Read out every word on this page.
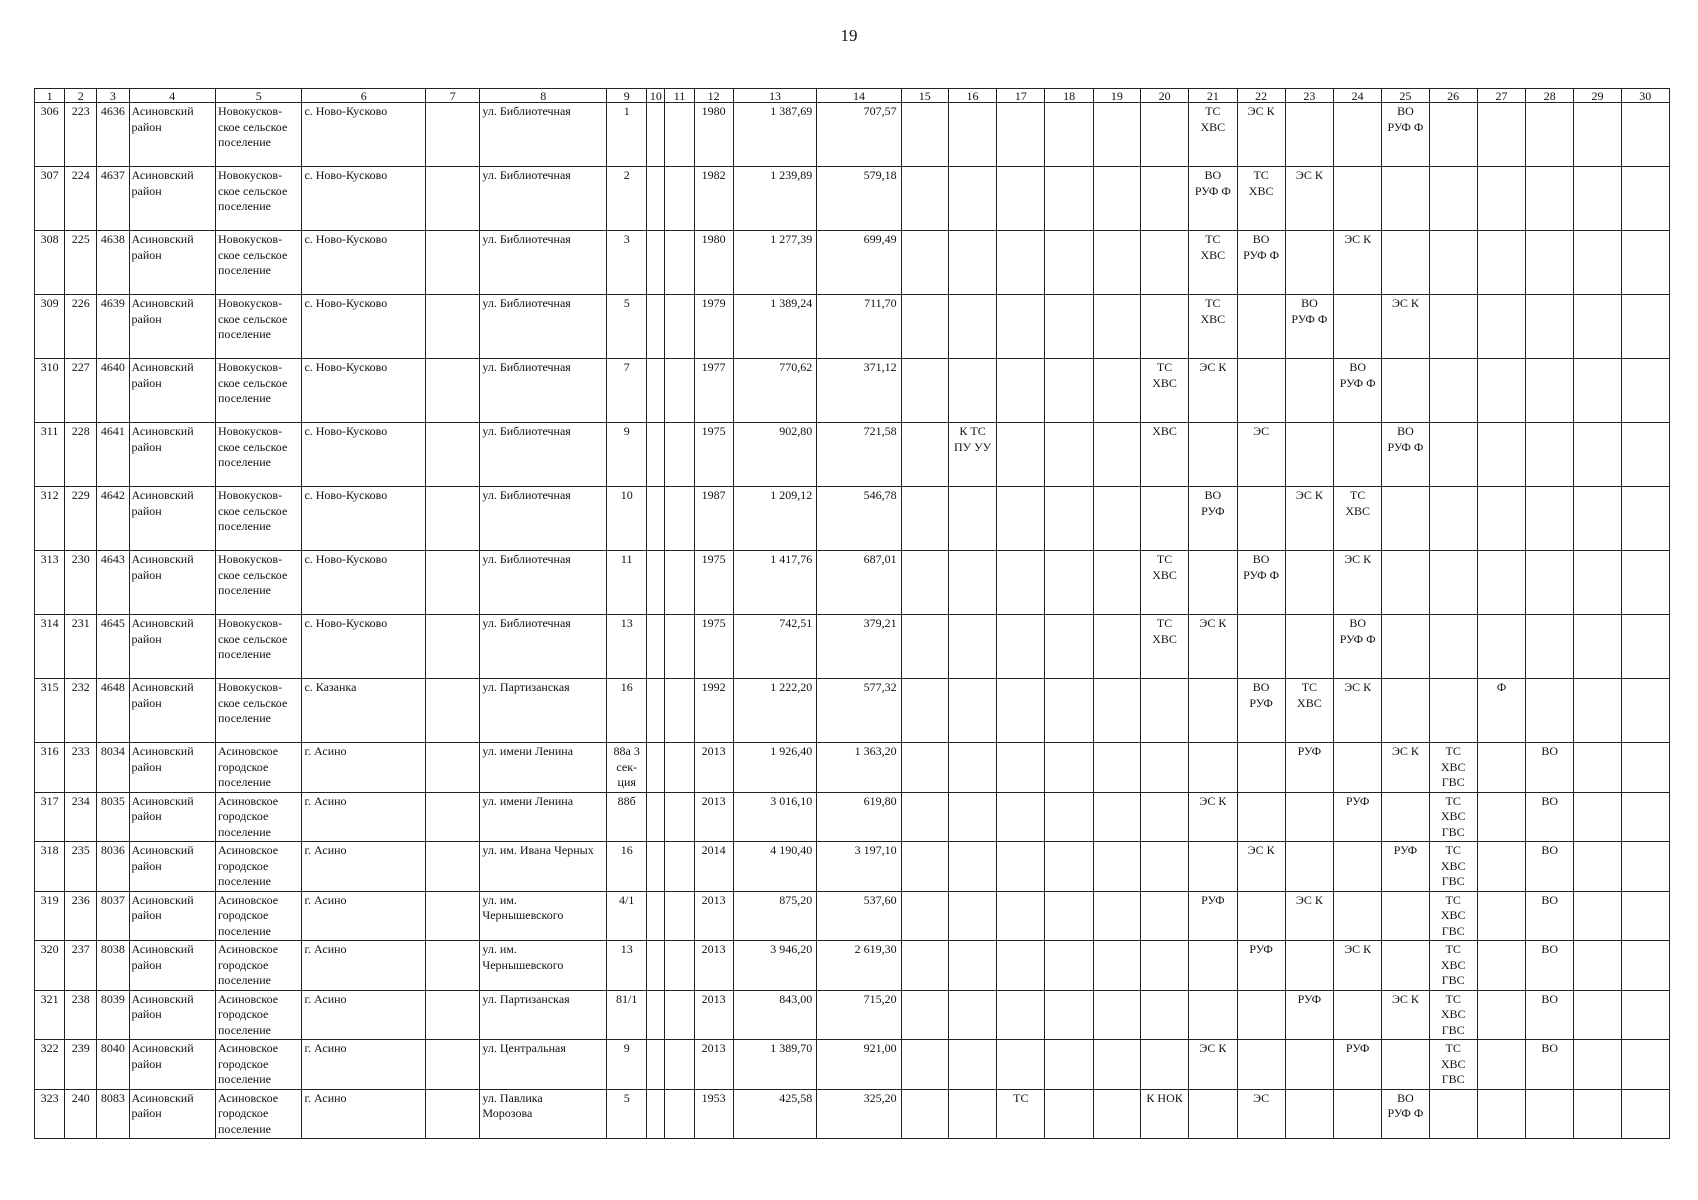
19
1	2	3	4	5	6	7	8	9	10	11	12	13	14	15	16	17	18	19	20	21	22	23	24	25	26	27	28	29	30
306	223	4636	Асиновский
район	Новокусков-
ское сельское
поселение	с. Ново-Кусково		ул. Библиотечная	1			1980	1 387,69	707,57							ТС
ХВС	ЭС К			ВО
РУФ Ф					
307	224	4637	Асиновский
район	Новокусков-
ское сельское
поселение	с. Ново-Кусково		ул. Библиотечная	2			1982	1 239,89	579,18							ВО
РУФ Ф	ТС
ХВС	ЭС К							
308	225	4638	Асиновский
район	Новокусков-
ское сельское
поселение	с. Ново-Кусково		ул. Библиотечная	3			1980	1 277,39	699,49							ТС
ХВС	ВО
РУФ Ф		ЭС К						
309	226	4639	Асиновский
район	Новокусков-
ское сельское
поселение	с. Ново-Кусково		ул. Библиотечная	5			1979	1 389,24	711,70							ТС
ХВС		ВО
РУФ Ф		ЭС К					
310	227	4640	Асиновский
район	Новокусков-
ское сельское
поселение	с. Ново-Кусково		ул. Библиотечная	7			1977	770,62	371,12						ТС
ХВС	ЭС К			ВО
РУФ Ф						
311	228	4641	Асиновский
район	Новокусков-
ское сельское
поселение	с. Ново-Кусково		ул. Библиотечная	9			1975	902,80	721,58		К ТС
ПУ УУ				ХВС		ЭС			ВО
РУФ Ф					
312	229	4642	Асиновский
район	Новокусков-
ское сельское
поселение	с. Ново-Кусково		ул. Библиотечная	10			1987	1 209,12	546,78							ВО
РУФ		ЭС К	ТС
ХВС						
313	230	4643	Асиновский
район	Новокусков-
ское сельское
поселение	с. Ново-Кусково		ул. Библиотечная	11			1975	1 417,76	687,01						ТС
ХВС		ВО
РУФ Ф		ЭС К						
314	231	4645	Асиновский
район	Новокусков-
ское сельское
поселение	с. Ново-Кусково		ул. Библиотечная	13			1975	742,51	379,21						ТС
ХВС	ЭС К			ВО
РУФ Ф						
315	232	4648	Асиновский
район	Новокусков-
ское сельское
поселение	с. Казанка		ул. Партизанская	16			1992	1 222,20	577,32								ВО
РУФ	ТС
ХВС	ЭС К			Ф			
316	233	8034	Асиновский
район	Асиновское
городское
поселение	г. Асино		ул. имени Ленина	88а 3
сек-
ция			2013	1 926,40	1 363,20									РУФ		ЭС К	ТС
ХВС
ГВС		ВО		
317	234	8035	Асиновский
район	Асиновское
городское
поселение	г. Асино		ул. имени Ленина	88б			2013	3 016,10	619,80							ЭС К			РУФ		ТС
ХВС
ГВС		ВО		
318	235	8036	Асиновский
район	Асиновское
городское
поселение	г. Асино		ул. им. Ивана Черных	16			2014	4 190,40	3 197,10								ЭС К			РУФ	ТС
ХВС
ГВС		ВО		
319	236	8037	Асиновский
район	Асиновское
городское
поселение	г. Асино		ул. им.
Чернышевского	4/1			2013	875,20	537,60							РУФ		ЭС К			ТС
ХВС
ГВС		ВО		
320	237	8038	Асиновский
район	Асиновское
городское
поселение	г. Асино		ул. им.
Чернышевского	13			2013	3 946,20	2 619,30								РУФ		ЭС К		ТС
ХВС
ГВС		ВО		
321	238	8039	Асиновский
район	Асиновское
городское
поселение	г. Асино		ул. Партизанская	81/1			2013	843,00	715,20									РУФ		ЭС К	ТС
ХВС
ГВС		ВО		
322	239	8040	Асиновский
район	Асиновское
городское
поселение	г. Асино		ул. Центральная	9			2013	1 389,70	921,00							ЭС К			РУФ		ТС
ХВС
ГВС		ВО		
323	240	8083	Асиновский
район	Асиновское
городское
поселение	г. Асино		ул. Павлика
Морозова	5			1953	425,58	325,20			ТС			К НОК		ЭС			ВО
РУФ Ф					
